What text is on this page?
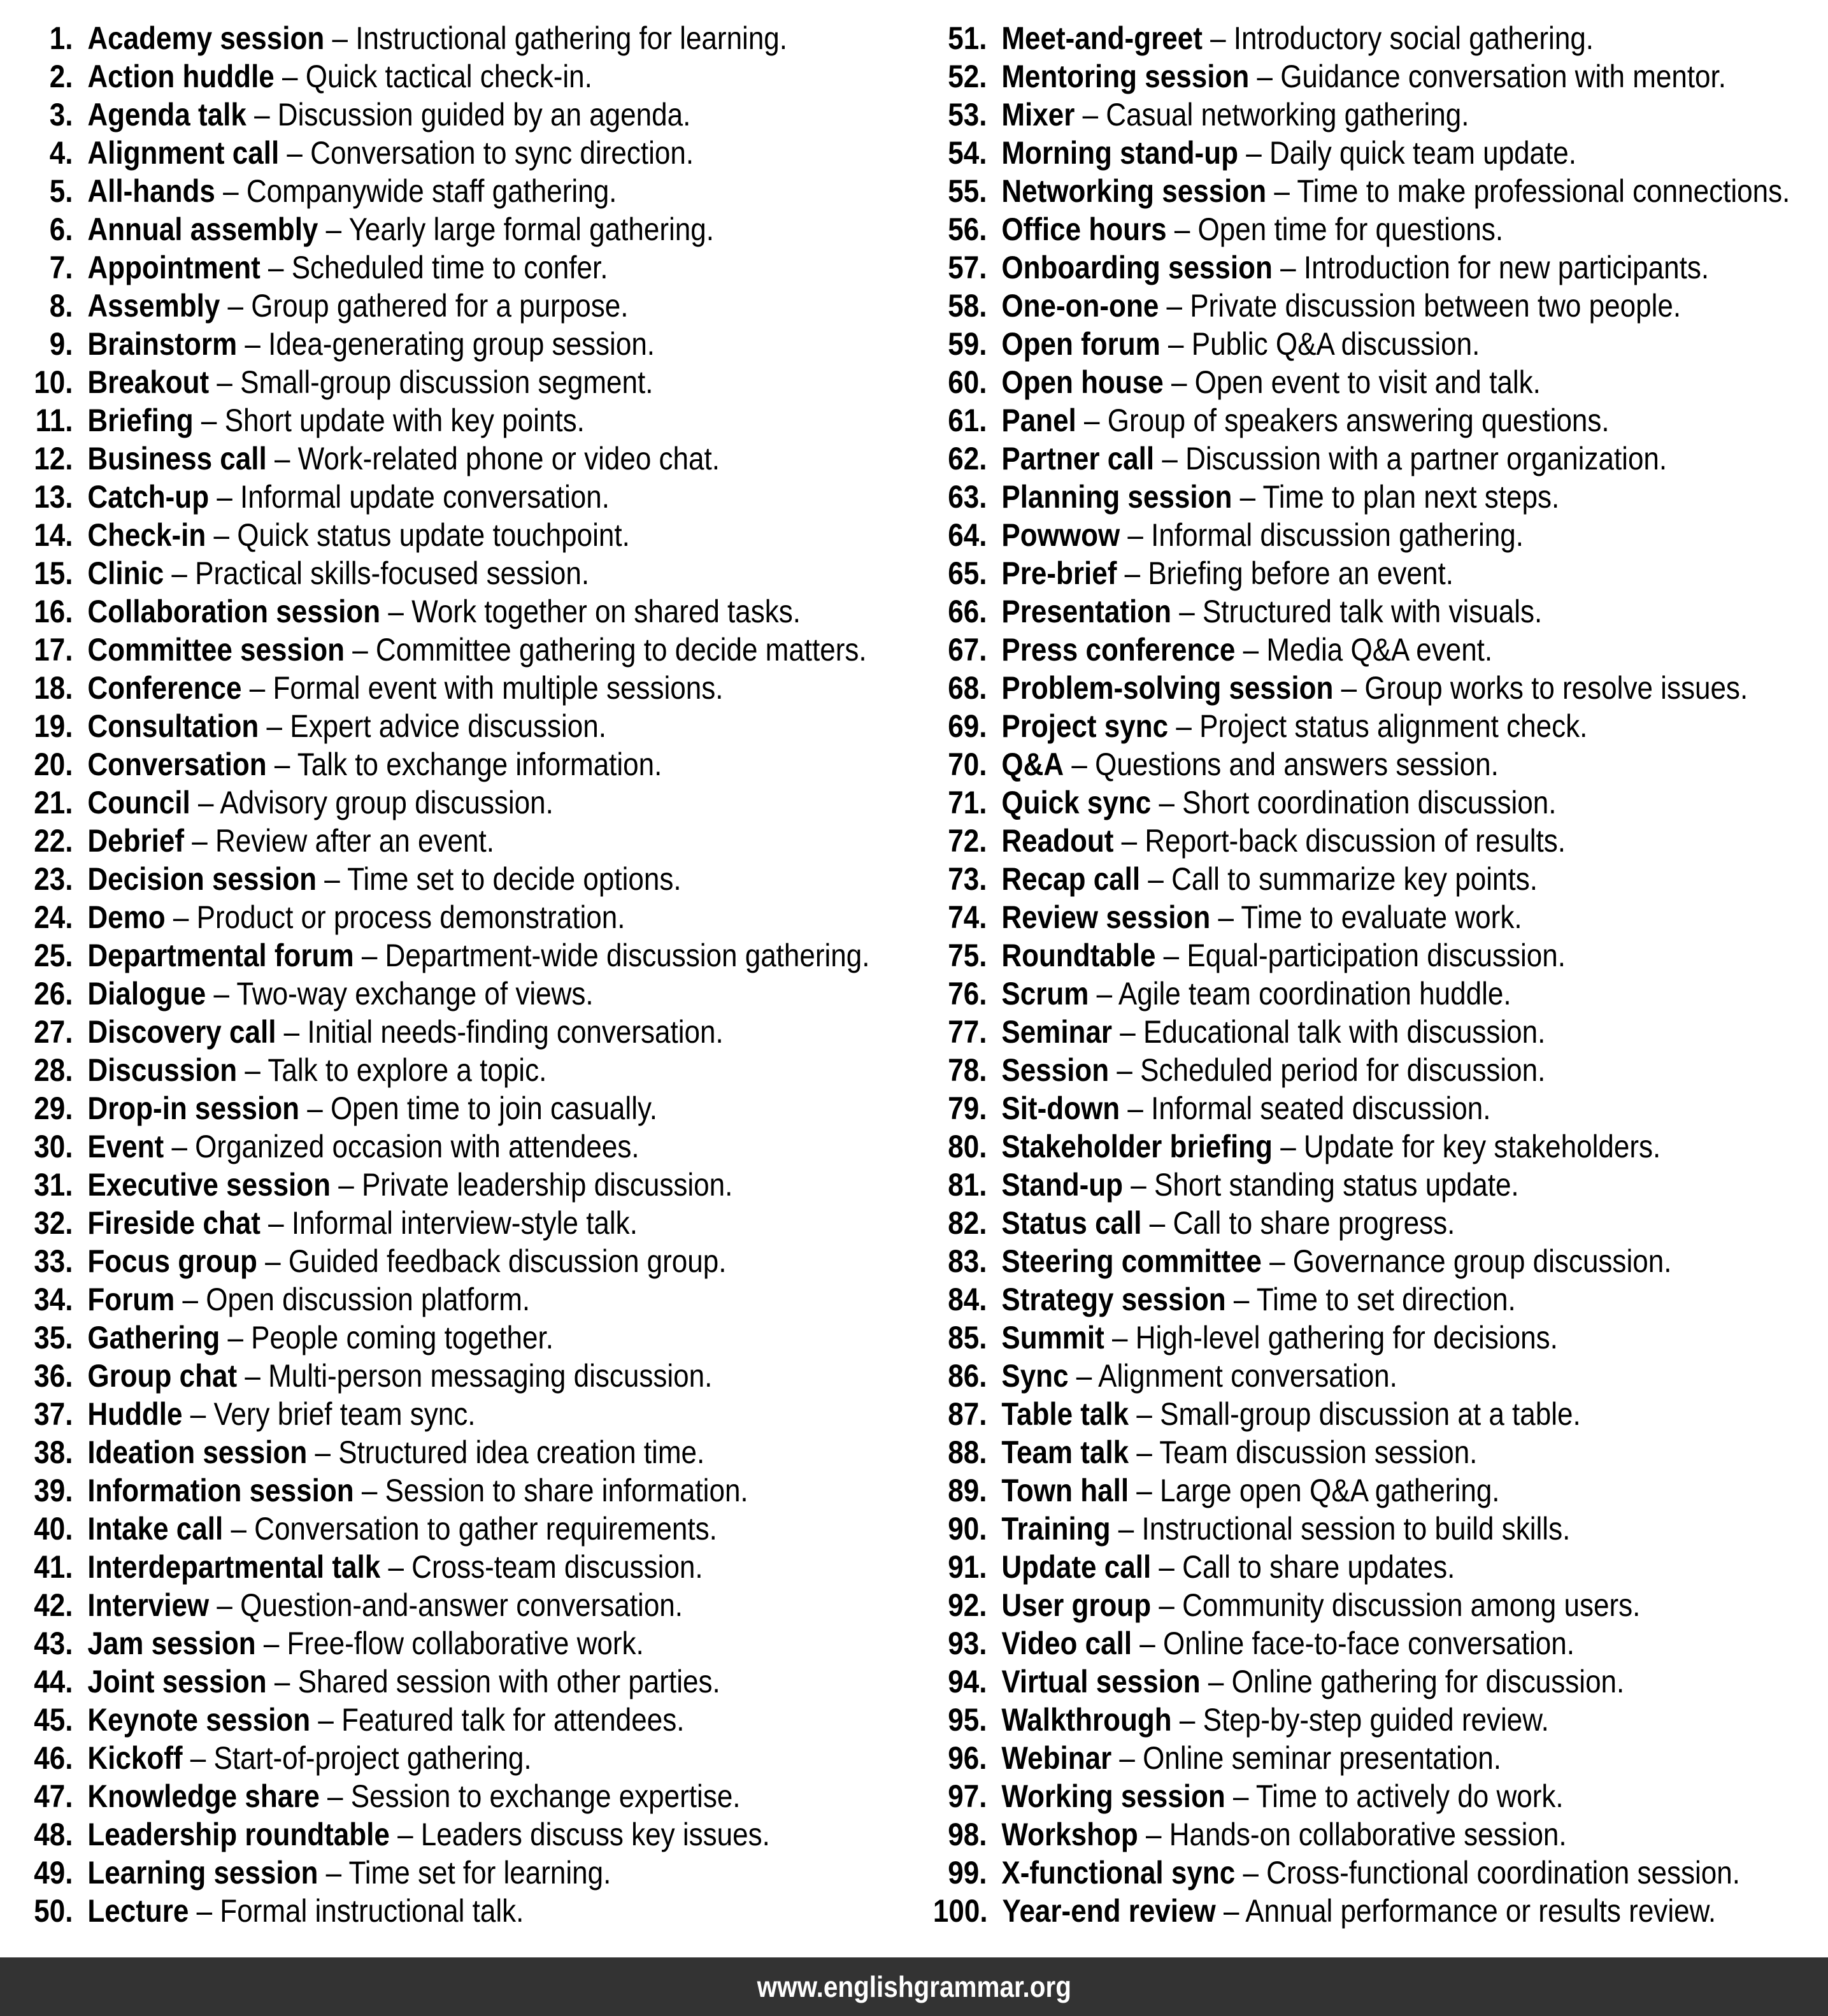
1. Academy session – Instructional gathering for learning.
2. Action huddle – Quick tactical check-in.
3. Agenda talk – Discussion guided by an agenda.
4. Alignment call – Conversation to sync direction.
5. All-hands – Companywide staff gathering.
6. Annual assembly – Yearly large formal gathering.
7. Appointment – Scheduled time to confer.
8. Assembly – Group gathered for a purpose.
9. Brainstorm – Idea-generating group session.
10. Breakout – Small-group discussion segment.
11. Briefing – Short update with key points.
12. Business call – Work-related phone or video chat.
13. Catch-up – Informal update conversation.
14. Check-in – Quick status update touchpoint.
15. Clinic – Practical skills-focused session.
16. Collaboration session – Work together on shared tasks.
17. Committee session – Committee gathering to decide matters.
18. Conference – Formal event with multiple sessions.
19. Consultation – Expert advice discussion.
20. Conversation – Talk to exchange information.
21. Council – Advisory group discussion.
22. Debrief – Review after an event.
23. Decision session – Time set to decide options.
24. Demo – Product or process demonstration.
25. Departmental forum – Department-wide discussion gathering.
26. Dialogue – Two-way exchange of views.
27. Discovery call – Initial needs-finding conversation.
28. Discussion – Talk to explore a topic.
29. Drop-in session – Open time to join casually.
30. Event – Organized occasion with attendees.
31. Executive session – Private leadership discussion.
32. Fireside chat – Informal interview-style talk.
33. Focus group – Guided feedback discussion group.
34. Forum – Open discussion platform.
35. Gathering – People coming together.
36. Group chat – Multi-person messaging discussion.
37. Huddle – Very brief team sync.
38. Ideation session – Structured idea creation time.
39. Information session – Session to share information.
40. Intake call – Conversation to gather requirements.
41. Interdepartmental talk – Cross-team discussion.
42. Interview – Question-and-answer conversation.
43. Jam session – Free-flow collaborative work.
44. Joint session – Shared session with other parties.
45. Keynote session – Featured talk for attendees.
46. Kickoff – Start-of-project gathering.
47. Knowledge share – Session to exchange expertise.
48. Leadership roundtable – Leaders discuss key issues.
49. Learning session – Time set for learning.
50. Lecture – Formal instructional talk.
51. Meet-and-greet – Introductory social gathering.
52. Mentoring session – Guidance conversation with mentor.
53. Mixer – Casual networking gathering.
54. Morning stand-up – Daily quick team update.
55. Networking session – Time to make professional connections.
56. Office hours – Open time for questions.
57. Onboarding session – Introduction for new participants.
58. One-on-one – Private discussion between two people.
59. Open forum – Public Q&A discussion.
60. Open house – Open event to visit and talk.
61. Panel – Group of speakers answering questions.
62. Partner call – Discussion with a partner organization.
63. Planning session – Time to plan next steps.
64. Powwow – Informal discussion gathering.
65. Pre-brief – Briefing before an event.
66. Presentation – Structured talk with visuals.
67. Press conference – Media Q&A event.
68. Problem-solving session – Group works to resolve issues.
69. Project sync – Project status alignment check.
70. Q&A – Questions and answers session.
71. Quick sync – Short coordination discussion.
72. Readout – Report-back discussion of results.
73. Recap call – Call to summarize key points.
74. Review session – Time to evaluate work.
75. Roundtable – Equal-participation discussion.
76. Scrum – Agile team coordination huddle.
77. Seminar – Educational talk with discussion.
78. Session – Scheduled period for discussion.
79. Sit-down – Informal seated discussion.
80. Stakeholder briefing – Update for key stakeholders.
81. Stand-up – Short standing status update.
82. Status call – Call to share progress.
83. Steering committee – Governance group discussion.
84. Strategy session – Time to set direction.
85. Summit – High-level gathering for decisions.
86. Sync – Alignment conversation.
87. Table talk – Small-group discussion at a table.
88. Team talk – Team discussion session.
89. Town hall – Large open Q&A gathering.
90. Training – Instructional session to build skills.
91. Update call – Call to share updates.
92. User group – Community discussion among users.
93. Video call – Online face-to-face conversation.
94. Virtual session – Online gathering for discussion.
95. Walkthrough – Step-by-step guided review.
96. Webinar – Online seminar presentation.
97. Working session – Time to actively do work.
98. Workshop – Hands-on collaborative session.
99. X-functional sync – Cross-functional coordination session.
100. Year-end review – Annual performance or results review.
www.englishgrammar.org
